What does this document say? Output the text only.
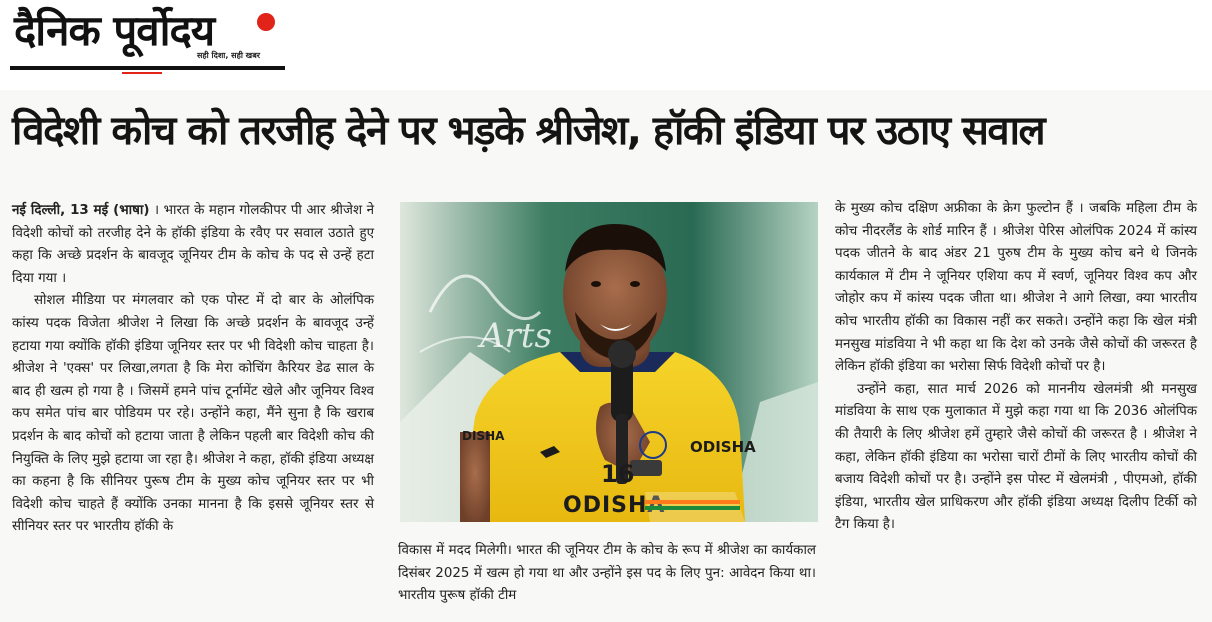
दैनिक पूर्वोदय
सही दिशा, सही खबर
विदेशी कोच को तरजीह देने पर भड़के श्रीजेश, हॉकी इंडिया पर उठाए सवाल

नई दिल्ली, 13 मई (भाषा) । भारत के महान गोलकीपर पी आर श्रीजेश ने विदेशी कोचों को तरजीह देने के हॉकी इंडिया के रवैए पर सवाल उठाते हुए कहा कि अच्छे प्रदर्शन के बावजूद जूनियर टीम के कोच के पद से उन्हें हटा दिया गया ।

सोशल मीडिया पर मंगलवार को एक पोस्ट में दो बार के ओलंपिक कांस्य पदक विजेता श्रीजेश ने लिखा कि अच्छे प्रदर्शन के बावजूद उन्हें हटाया गया क्योंकि हॉकी इंडिया जूनियर स्तर पर भी विदेशी कोच चाहता है। श्रीजेश ने 'एक्स' पर लिखा,लगता है कि मेरा कोचिंग कैरियर डेढ साल के बाद ही खत्म हो गया है । जिसमें हमने पांच टूर्नामेंट खेले और जूनियर विश्व कप समेत पांच बार पोडियम पर रहे। उन्होंने कहा, मैंने सुना है कि खराब प्रदर्शन के बाद कोचों को हटाया जाता है लेकिन पहली बार विदेशी कोच की नियुक्ति के लिए मुझे हटाया जा रहा है। श्रीजेश ने कहा, हॉकी इंडिया अध्यक्ष का कहना है कि सीनियर पुरूष टीम के मुख्य कोच जूनियर स्तर पर भी विदेशी कोच चाहते हैं क्योंकि उनका मानना है कि इससे जूनियर स्तर से सीनियर स्तर पर भारतीय हॉकी के

Arts
ODISHA
ODISHA
DISHA
16

विकास में मदद मिलेगी। भारत की जूनियर टीम के कोच के रूप में श्रीजेश का कार्यकाल दिसंबर 2025 में खत्म हो गया था और उन्होंने इस पद के लिए पुन: आवेदन किया था। भारतीय पुरूष हॉकी टीम

के मुख्य कोच दक्षिण अफ्रीका के क्रेग फुल्टोन हैं । जबकि महिला टीम के कोच नीदरलैंड के शोर्ड मारिन हैं । श्रीजेश पेरिस ओलंपिक 2024 में कांस्य पदक जीतने के बाद अंडर 21 पुरुष टीम के मुख्य कोच बने थे जिनके कार्यकाल में टीम ने जूनियर एशिया कप में स्वर्ण, जूनियर विश्व कप और जोहोर कप में कांस्य पदक जीता था। श्रीजेश ने आगे लिखा, क्या भारतीय कोच भारतीय हॉकी का विकास नहीं कर सकते। उन्होंने कहा कि खेल मंत्री मनसुख मांडविया ने भी कहा था कि देश को उनके जैसे कोचों की जरूरत है लेकिन हॉकी इंडिया का भरोसा सिर्फ विदेशी कोचों पर है।

उन्होंने कहा, सात मार्च 2026 को माननीय खेलमंत्री श्री मनसुख मांडविया के साथ एक मुलाकात में मुझे कहा गया था कि 2036 ओलंपिक की तैयारी के लिए श्रीजेश हमें तुम्हारे जैसे कोचों की जरूरत है । श्रीजेश ने कहा, लेकिन हॉकी इंडिया का भरोसा चारों टीमों के लिए भारतीय कोचों की बजाय विदेशी कोचों पर है। उन्होंने इस पोस्ट में खेलमंत्री , पीएमओ, हॉकी इंडिया, भारतीय खेल प्राधिकरण और हॉकी इंडिया अध्यक्ष दिलीप टिर्की को टैग किया है।
